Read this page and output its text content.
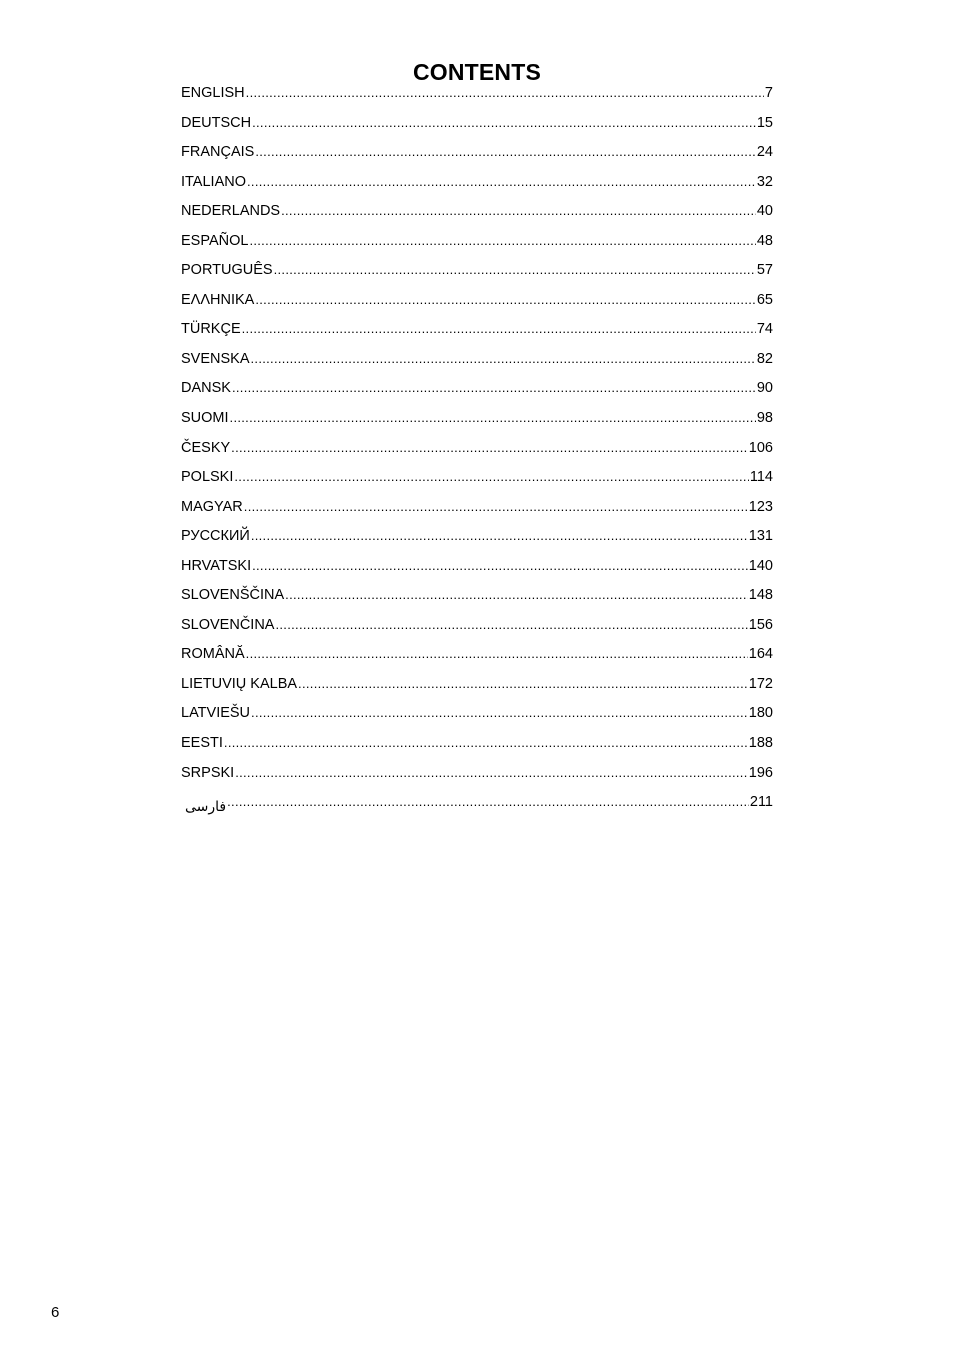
CONTENTS
ENGLISH .....	7
DEUTSCH .....	15
FRANÇAIS .....	24
ITALIANO .....	32
NEDERLANDS .....	40
ESPAÑOL .....	48
PORTUGUÊS .....	57
ΕΛΛΗΝΙΚΑ .....	65
TÜRKÇE .....	74
SVENSKA .....	82
DANSK .....	90
SUOMI .....	98
ČESKY .....	106
POLSKI .....	114
MAGYAR .....	123
РУССКИЙ .....	131
HRVATSKI .....	140
SLOVENŠČINA .....	148
SLOVENČINA .....	156
ROMÂNĂ .....	164
LIETUVIŲ KALBA .....	172
LATVIEŠU .....	180
EESTI .....	188
SRPSKI .....	196
فارسی .....	211
6
